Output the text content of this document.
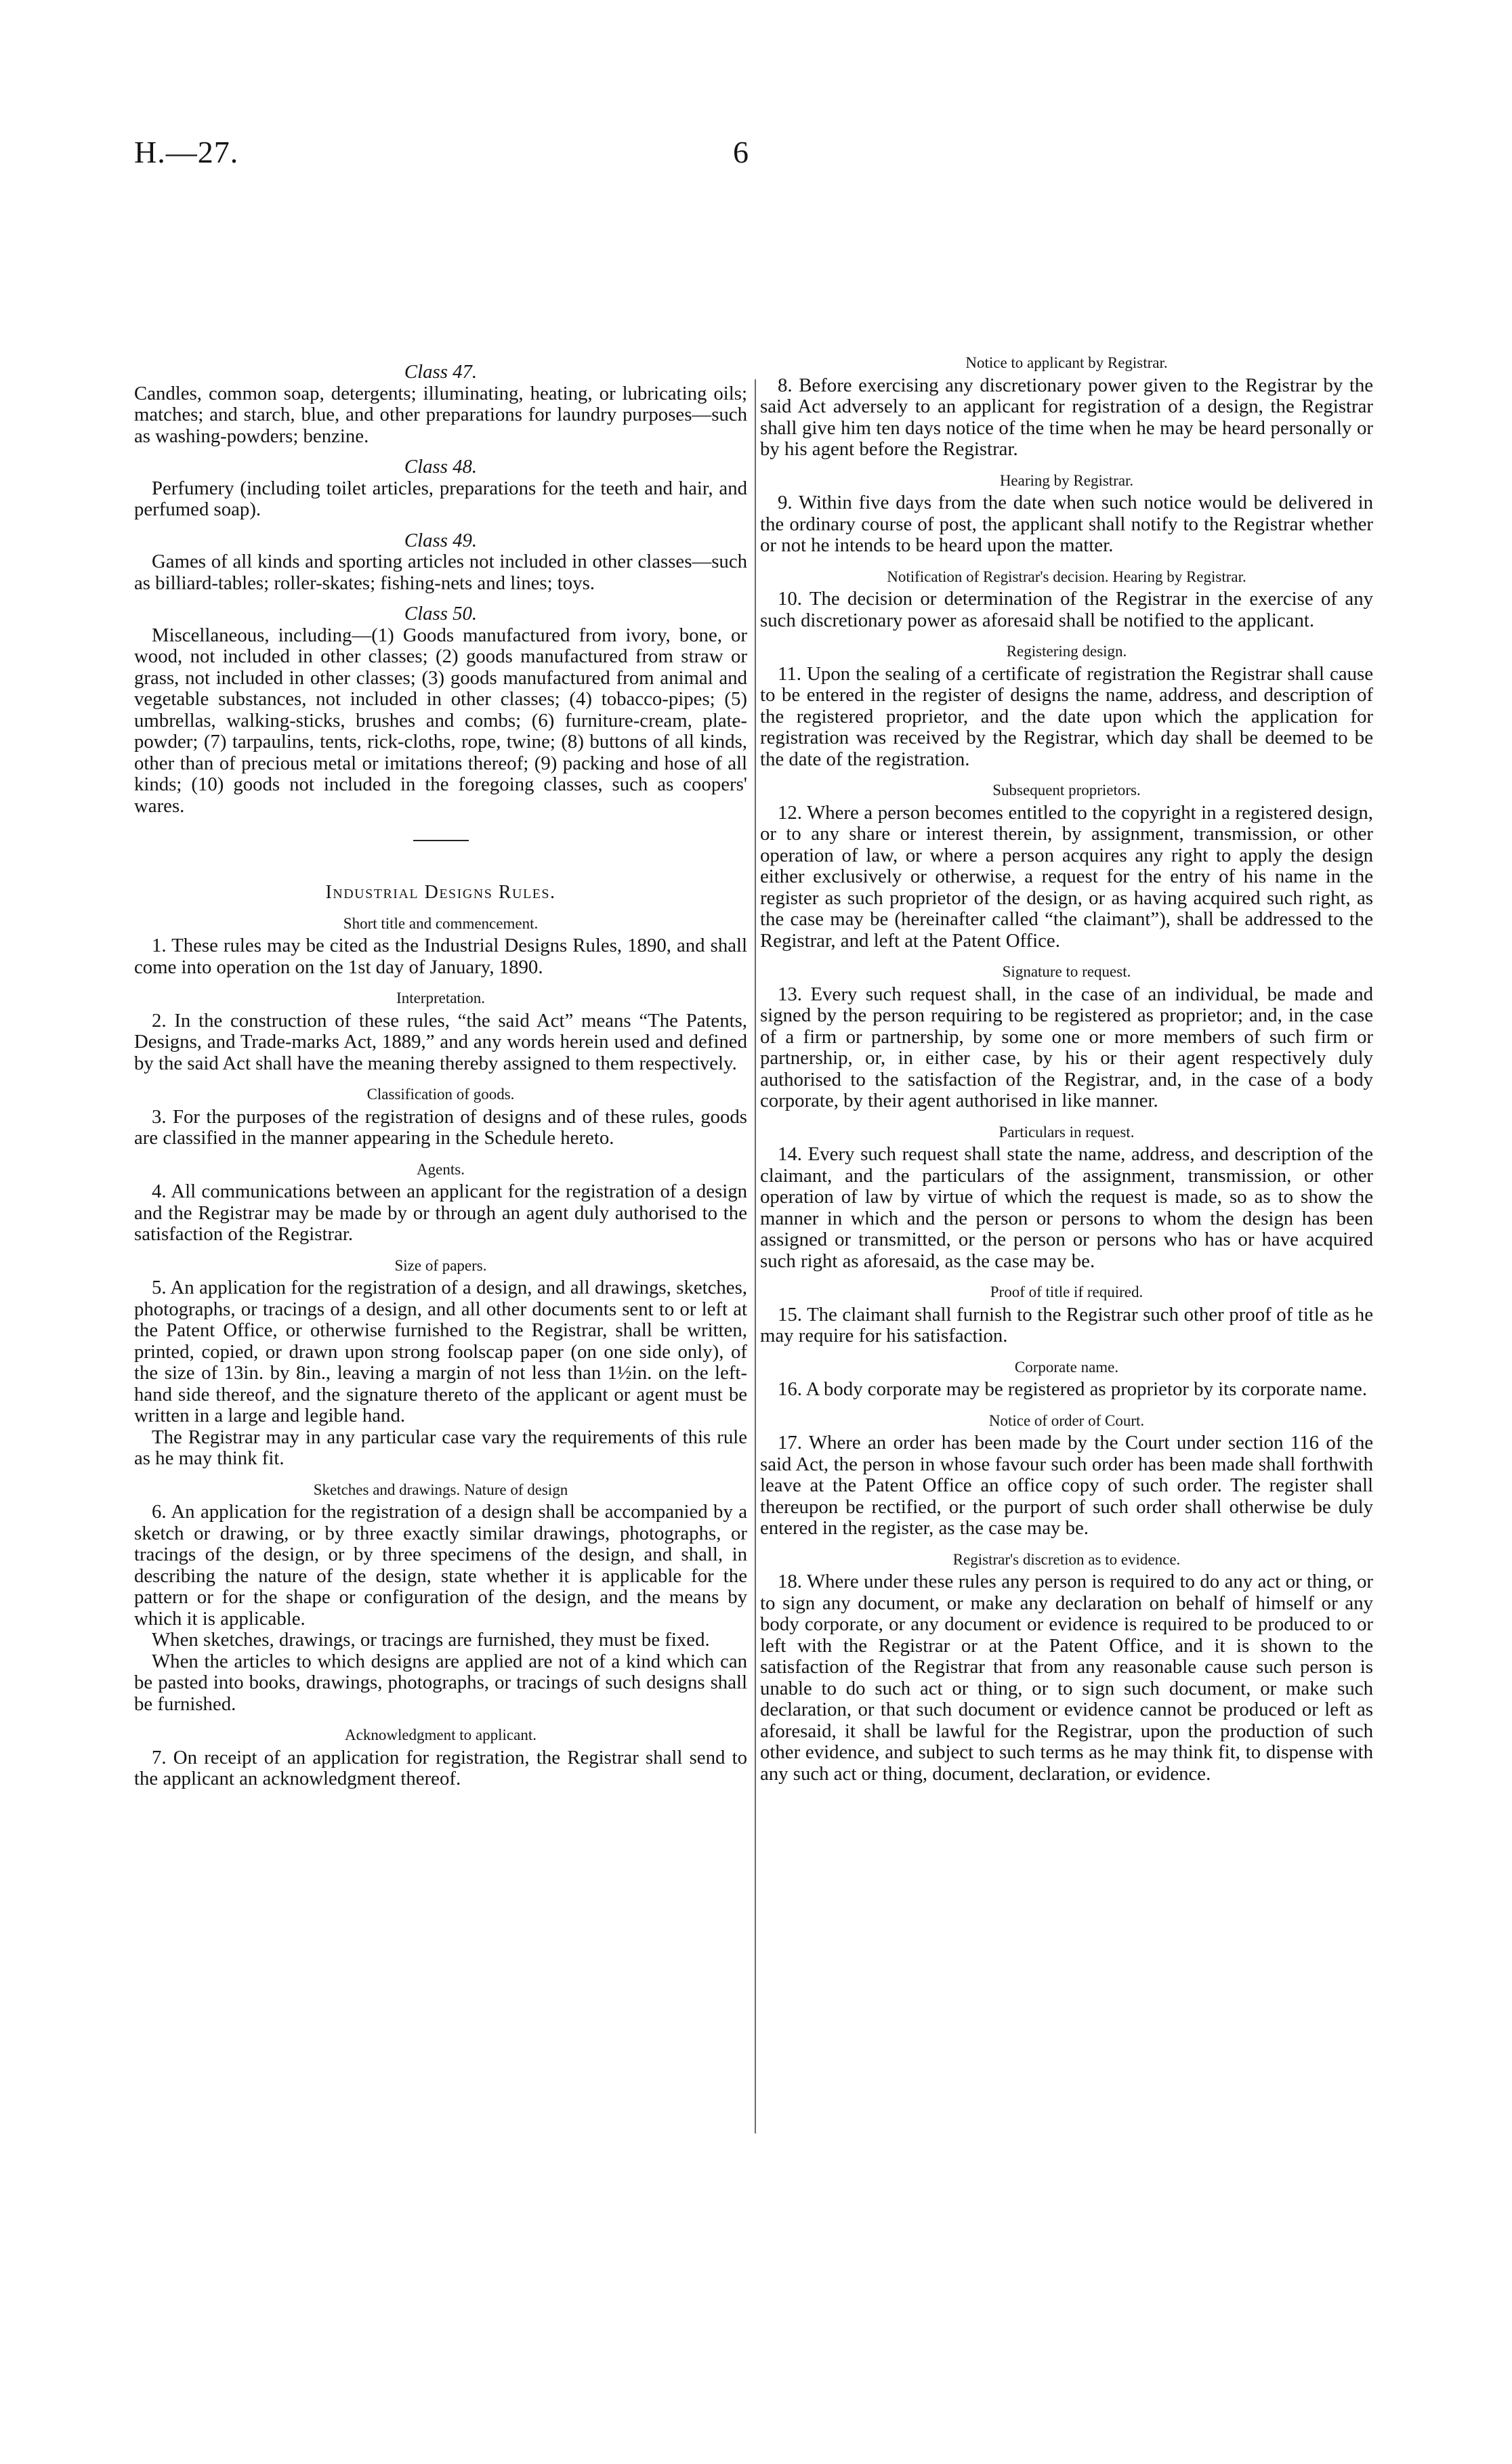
H.—27.	6
Class 47.

Candles, common soap, detergents; illuminating, heating, or lubricating oils; matches; and starch, blue, and other preparations for laundry purposes—such as washing-powders; benzine.

Class 48.

Perfumery (including toilet articles, preparations for the teeth and hair, and perfumed soap).

Class 49.

Games of all kinds and sporting articles not included in other classes—such as billiard-tables; roller-skates; fishing-nets and lines; toys.

Class 50.

Miscellaneous, including—(1) Goods manufactured from ivory, bone, or wood, not included in other classes; (2) goods manufactured from straw or grass, not included in other classes; (3) goods manufactured from animal and vegetable substances, not included in other classes; (4) tobacco-pipes; (5) umbrellas, walking-sticks, brushes and combs; (6) furniture-cream, plate-powder; (7) tarpaulins, tents, rick-cloths, rope, twine; (8) buttons of all kinds, other than of precious metal or imitations thereof; (9) packing and hose of all kinds; (10) goods not included in the foregoing classes, such as coopers' wares.

Industrial Designs Rules.
Short title and commencement.

1. These rules may be cited as the Industrial Designs Rules, 1890, and shall come into operation on the 1st day of January, 1890.

Interpretation.

2. In the construction of these rules, “the said Act” means “The Patents, Designs, and Trade-marks Act, 1889,” and any words herein used and defined by the said Act shall have the meaning thereby assigned to them respectively.

Classification of goods.

3. For the purposes of the registration of designs and of these rules, goods are classified in the manner appearing in the Schedule hereto.

Agents.

4. All communications between an applicant for the registration of a design and the Registrar may be made by or through an agent duly authorised to the satisfaction of the Registrar.

Size of papers.

5. An application for the registration of a design, and all drawings, sketches, photographs, or tracings of a design, and all other documents sent to or left at the Patent Office, or otherwise furnished to the Registrar, shall be written, printed, copied, or drawn upon strong foolscap paper (on one side only), of the size of 13in. by 8in., leaving a margin of not less than 1½in. on the left-hand side thereof, and the signature thereto of the applicant or agent must be written in a large and legible hand.

The Registrar may in any particular case vary the requirements of this rule as he may think fit.

Sketches and drawings. Nature of design

6. An application for the registration of a design shall be accompanied by a sketch or drawing, or by three exactly similar drawings, photographs, or tracings of the design, or by three specimens of the design, and shall, in describing the nature of the design, state whether it is applicable for the pattern or for the shape or configuration of the design, and the means by which it is applicable.

When sketches, drawings, or tracings are furnished, they must be fixed.

When the articles to which designs are applied are not of a kind which can be pasted into books, drawings, photographs, or tracings of such designs shall be furnished.

Acknowledgment to applicant.

7. On receipt of an application for registration, the Registrar shall send to the applicant an acknowledgment thereof.

Notice to applicant by Registrar.

8. Before exercising any discretionary power given to the Registrar by the said Act adversely to an applicant for registration of a design, the Registrar shall give him ten days notice of the time when he may be heard personally or by his agent before the Registrar.

Hearing by Registrar.

9. Within five days from the date when such notice would be delivered in the ordinary course of post, the applicant shall notify to the Registrar whether or not he intends to be heard upon the matter.

Notification of Registrar's decision. Hearing by Registrar.

10. The decision or determination of the Registrar in the exercise of any such discretionary power as aforesaid shall be notified to the applicant.

Registering design.

11. Upon the sealing of a certificate of registration the Registrar shall cause to be entered in the register of designs the name, address, and description of the registered proprietor, and the date upon which the application for registration was received by the Registrar, which day shall be deemed to be the date of the registration.

Subsequent proprietors.

12. Where a person becomes entitled to the copyright in a registered design, or to any share or interest therein, by assignment, transmission, or other operation of law, or where a person acquires any right to apply the design either exclusively or otherwise, a request for the entry of his name in the register as such proprietor of the design, or as having acquired such right, as the case may be (hereinafter called “the claimant”), shall be addressed to the Registrar, and left at the Patent Office.

Signature to request.

13. Every such request shall, in the case of an individual, be made and signed by the person requiring to be registered as proprietor; and, in the case of a firm or partnership, by some one or more members of such firm or partnership, or, in either case, by his or their agent respectively duly authorised to the satisfaction of the Registrar, and, in the case of a body corporate, by their agent authorised in like manner.

Particulars in request.

14. Every such request shall state the name, address, and description of the claimant, and the particulars of the assignment, transmission, or other operation of law by virtue of which the request is made, so as to show the manner in which and the person or persons to whom the design has been assigned or transmitted, or the person or persons who has or have acquired such right as aforesaid, as the case may be.

Proof of title if required.

15. The claimant shall furnish to the Registrar such other proof of title as he may require for his satisfaction.

Corporate name.

16. A body corporate may be registered as proprietor by its corporate name.

Notice of order of Court.

17. Where an order has been made by the Court under section 116 of the said Act, the person in whose favour such order has been made shall forthwith leave at the Patent Office an office copy of such order. The register shall thereupon be rectified, or the purport of such order shall otherwise be duly entered in the register, as the case may be.

Registrar's discretion as to evidence.

18. Where under these rules any person is required to do any act or thing, or to sign any document, or make any declaration on behalf of himself or any body corporate, or any document or evidence is required to be produced to or left with the Registrar or at the Patent Office, and it is shown to the satisfaction of the Registrar that from any reasonable cause such person is unable to do such act or thing, or to sign such document, or make such declaration, or that such document or evidence cannot be produced or left as aforesaid, it shall be lawful for the Registrar, upon the production of such other evidence, and subject to such terms as he may think fit, to dispense with any such act or thing, document, declaration, or evidence.
